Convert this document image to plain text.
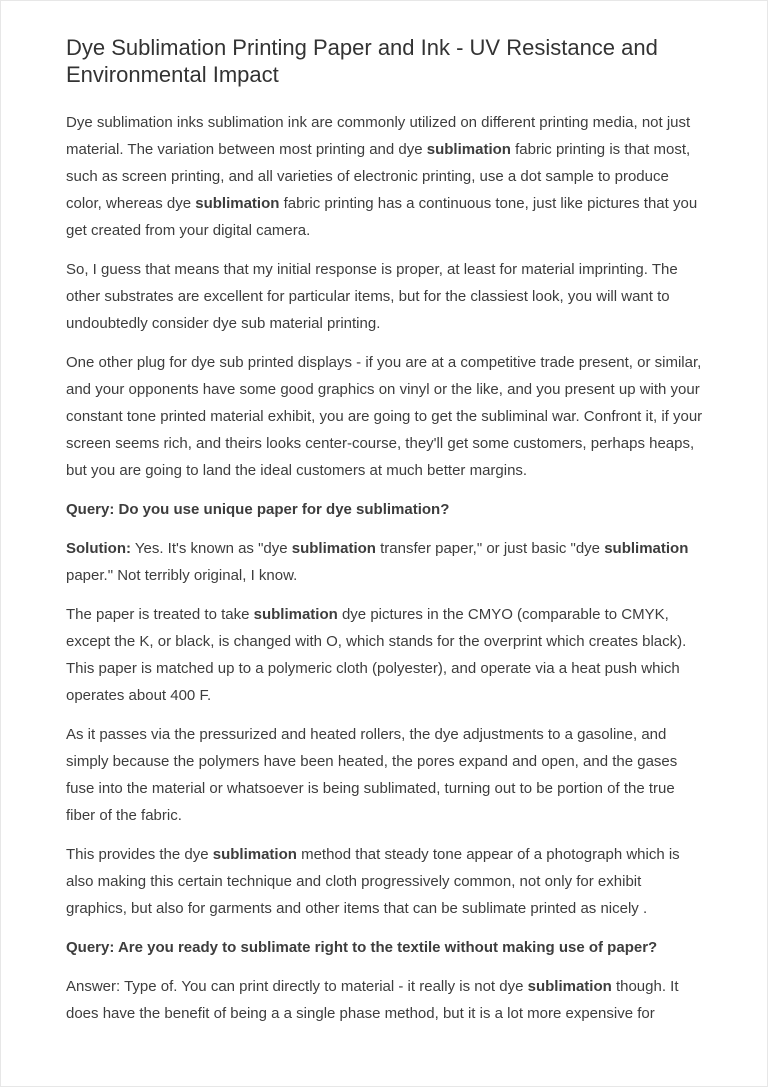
Dye Sublimation Printing Paper and Ink - UV Resistance and Environmental Impact

Dye sublimation inks sublimation ink are commonly utilized on different printing media, not just material. The variation between most printing and dye sublimation fabric printing is that most, such as screen printing, and all varieties of electronic printing, use a dot sample to produce color, whereas dye sublimation fabric printing has a continuous tone, just like pictures that you get created from your digital camera.

So, I guess that means that my initial response is proper, at least for material imprinting. The other substrates are excellent for particular items, but for the classiest look, you will want to undoubtedly consider dye sub material printing.

One other plug for dye sub printed displays - if you are at a competitive trade present, or similar, and your opponents have some good graphics on vinyl or the like, and you present up with your constant tone printed material exhibit, you are going to get the subliminal war. Confront it, if your screen seems rich, and theirs looks center-course, they'll get some customers, perhaps heaps, but you are going to land the ideal customers at much better margins.

Query: Do you use unique paper for dye sublimation?

Solution: Yes. It's known as "dye sublimation transfer paper," or just basic "dye sublimation paper." Not terribly original, I know.

The paper is treated to take sublimation dye pictures in the CMYO (comparable to CMYK, except the K, or black, is changed with O, which stands for the overprint which creates black). This paper is matched up to a polymeric cloth (polyester), and operate via a heat push which operates about 400 F.

As it passes via the pressurized and heated rollers, the dye adjustments to a gasoline, and simply because the polymers have been heated, the pores expand and open, and the gases fuse into the material or whatsoever is being sublimated, turning out to be portion of the true fiber of the fabric.

This provides the dye sublimation method that steady tone appear of a photograph which is also making this certain technique and cloth progressively common, not only for exhibit graphics, but also for garments and other items that can be sublimate printed as nicely .

Query: Are you ready to sublimate right to the textile without making use of paper?

Answer: Type of. You can print directly to material - it really is not dye sublimation though. It does have the benefit of being a a single phase method, but it is a lot more expensive for
